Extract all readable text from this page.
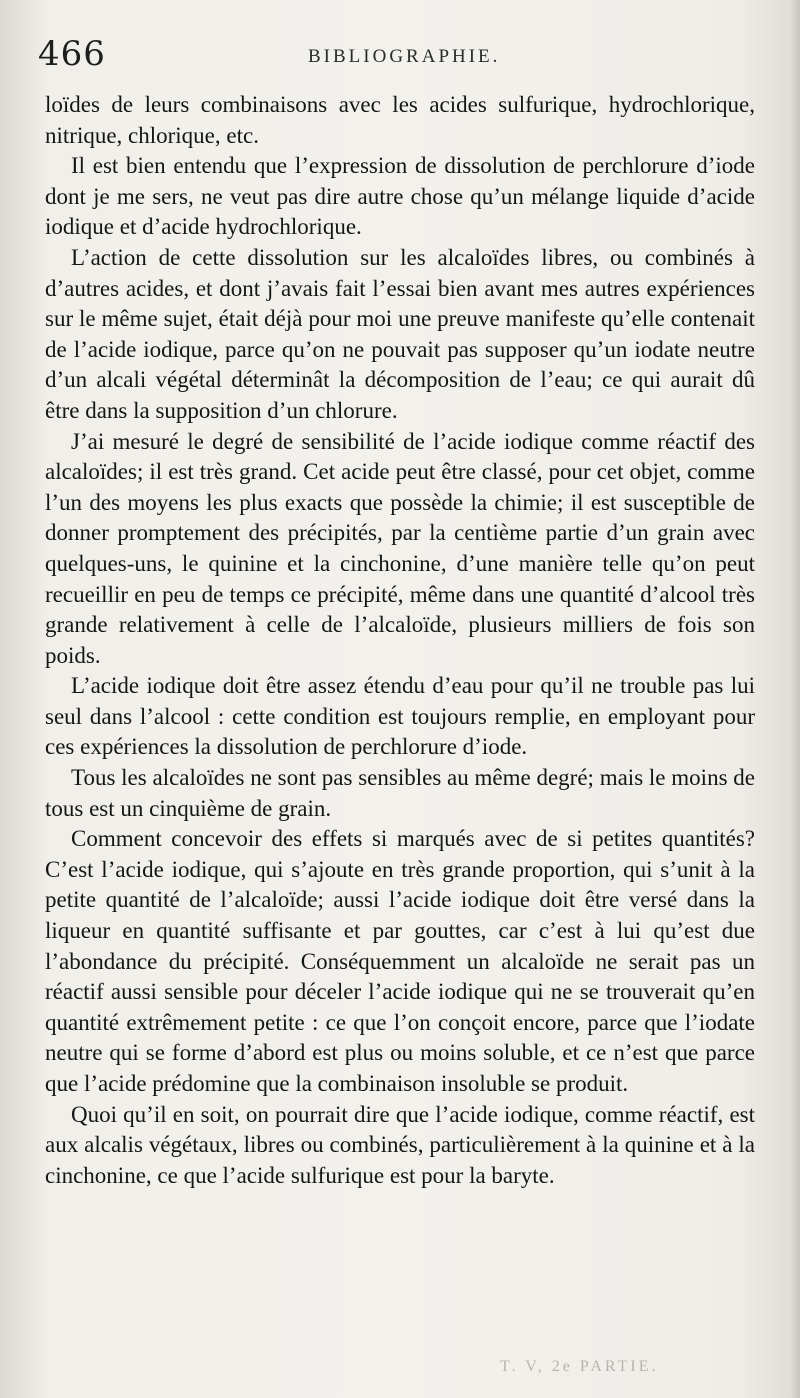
466	BIBLIOGRAPHIE.

loïdes de leurs combinaisons avec les acides sulfurique, hydrochlorique, nitrique, chlorique, etc.

Il est bien entendu que l’expression de dissolution de perchlorure d’iode dont je me sers, ne veut pas dire autre chose qu’un mélange liquide d’acide iodique et d’acide hydrochlorique.

L’action de cette dissolution sur les alcaloïdes libres, ou combinés à d’autres acides, et dont j’avais fait l’essai bien avant mes autres expériences sur le même sujet, était déjà pour moi une preuve manifeste qu’elle contenait de l’acide iodique, parce qu’on ne pouvait pas supposer qu’un iodate neutre d’un alcali végétal déterminât la décomposition de l’eau; ce qui aurait dû être dans la supposition d’un chlorure.

J’ai mesuré le degré de sensibilité de l’acide iodique comme réactif des alcaloïdes; il est très grand. Cet acide peut être classé, pour cet objet, comme l’un des moyens les plus exacts que possède la chimie; il est susceptible de donner promptement des précipités, par la centième partie d’un grain avec quelques-uns, le quinine et la cinchonine, d’une manière telle qu’on peut recueillir en peu de temps ce précipité, même dans une quantité d’alcool très grande relativement à celle de l’alcaloïde, plusieurs milliers de fois son poids.

L’acide iodique doit être assez étendu d’eau pour qu’il ne trouble pas lui seul dans l’alcool : cette condition est toujours remplie, en employant pour ces expériences la dissolution de perchlorure d’iode.

Tous les alcaloïdes ne sont pas sensibles au même degré; mais le moins de tous est un cinquième de grain.

Comment concevoir des effets si marqués avec de si petites quantités? C’est l’acide iodique, qui s’ajoute en très grande proportion, qui s’unit à la petite quantité de l’alcaloïde; aussi l’acide iodique doit être versé dans la liqueur en quantité suffisante et par gouttes, car c’est à lui qu’est due l’abondance du précipité. Conséquemment un alcaloïde ne serait pas un réactif aussi sensible pour déceler l’acide iodique qui ne se trouverait qu’en quantité extrêmement petite : ce que l’on conçoit encore, parce que l’iodate neutre qui se forme d’abord est plus ou moins soluble, et ce n’est que parce que l’acide prédomine que la combinaison insoluble se produit.

Quoi qu’il en soit, on pourrait dire que l’acide iodique, comme réactif, est aux alcalis végétaux, libres ou combinés, particulièrement à la quinine et à la cinchonine, ce que l’acide sulfurique est pour la baryte.

T. V, 2e PARTIE.
